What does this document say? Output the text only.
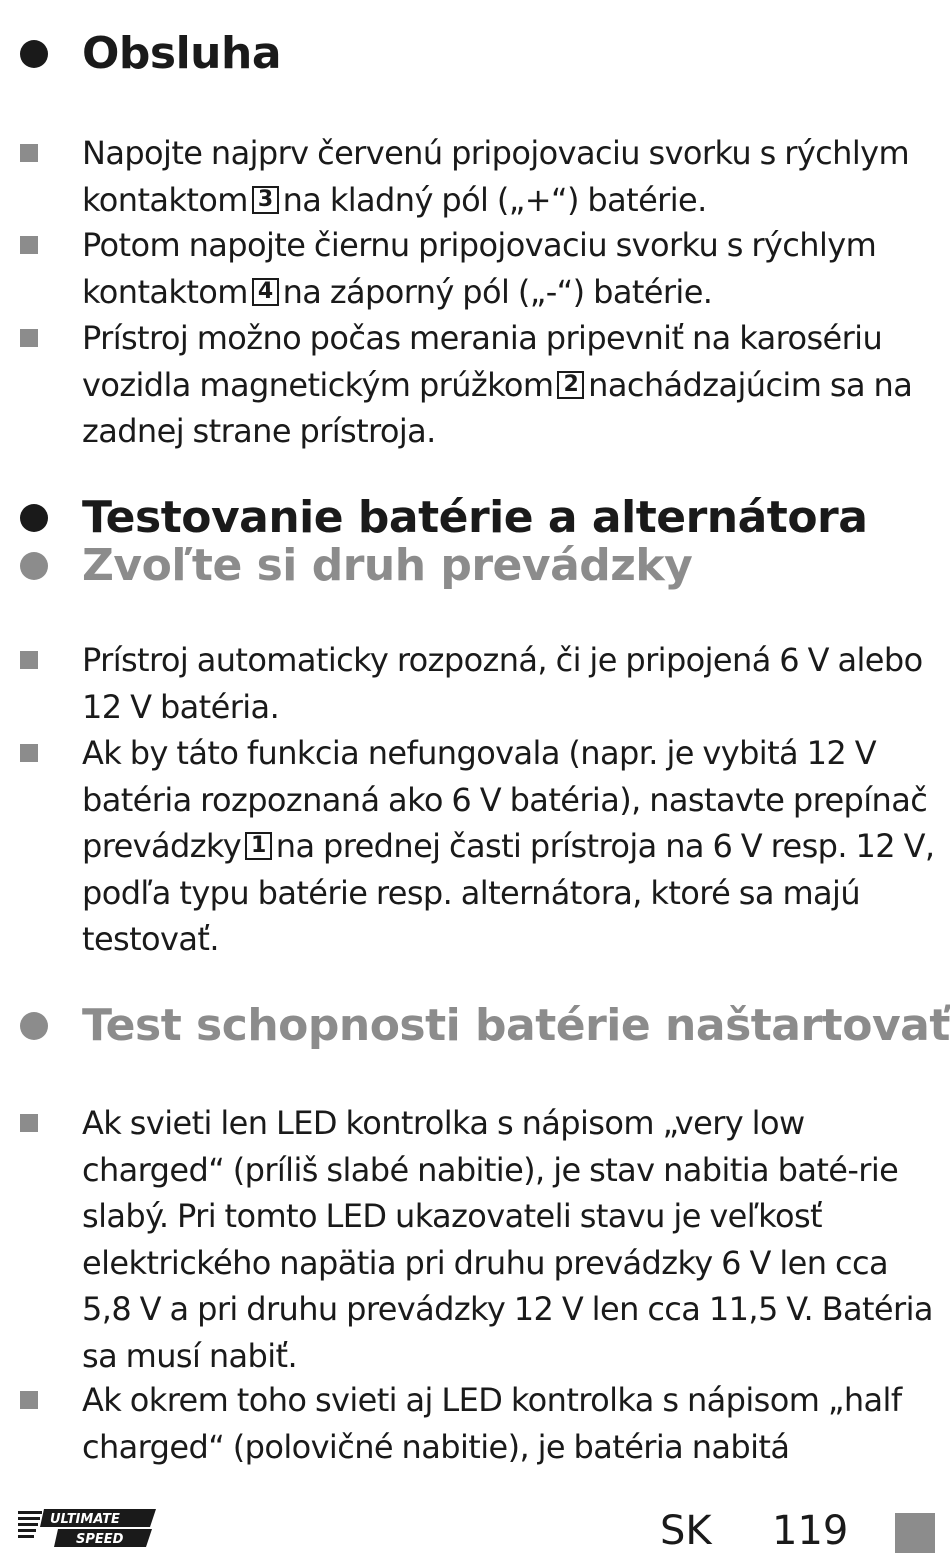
Obsluha
Napojte najprv červenú pripojovaciu svorku s rýchlym kontaktom 3 na kladný pól („+“) batérie.
Potom napojte čiernu pripojovaciu svorku s rýchlym kontaktom 4 na záporný pól („-“) batérie.
Prístroj možno počas merania pripevniť na karosériu vozidla magnetickým prúžkom 2 nachádzajúcim sa na zadnej strane prístroja.
Testovanie batérie a alternátora
Zvoľte si druh prevádzky
Prístroj automaticky rozpozná, či je pripojená 6 V alebo 12 V batéria.
Ak by táto funkcia nefungovala (napr. je vybitá 12 V batéria rozpoznaná ako 6 V batéria), nastavte prepínač prevádzky 1 na prednej časti prístroja na 6 V resp. 12 V, podľa typu batérie resp. alternátora, ktoré sa majú testovať.
Test schopnosti batérie naštartovať
Ak svieti len LED kontrolka s nápisom „very low charged“ (príliš slabé nabitie), je stav nabitia baté-rie slabý. Pri tomto LED ukazovateli stavu je veľkosť elektrického napätia pri druhu prevádzky 6 V len cca 5,8 V a pri druhu prevádzky 12 V len cca 11,5 V. Batéria sa musí nabiť.
Ak okrem toho svieti aj LED kontrolka s nápisom „half charged“ (polovičné nabitie), je batéria nabitá
ULTIMATE
SPEED	SK 119
